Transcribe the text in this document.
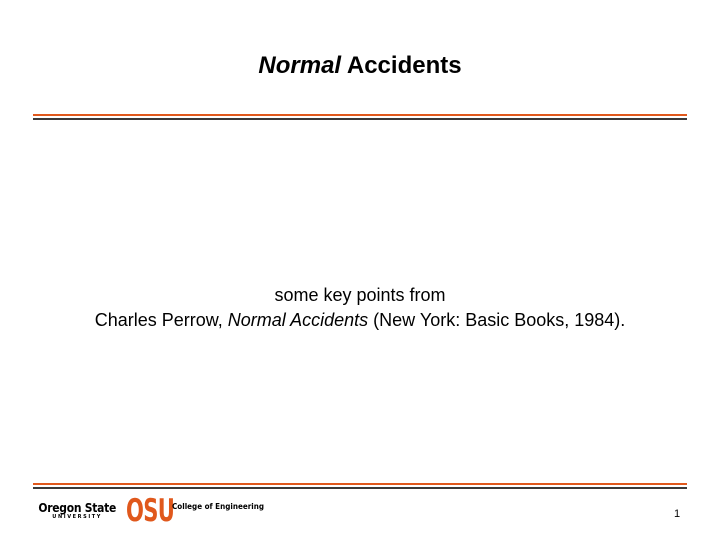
Normal Accidents
some key points from
Charles Perrow, Normal Accidents (New York: Basic Books, 1984).
Oregon State
UNIVERSITY OSU
College of Engineering
1
